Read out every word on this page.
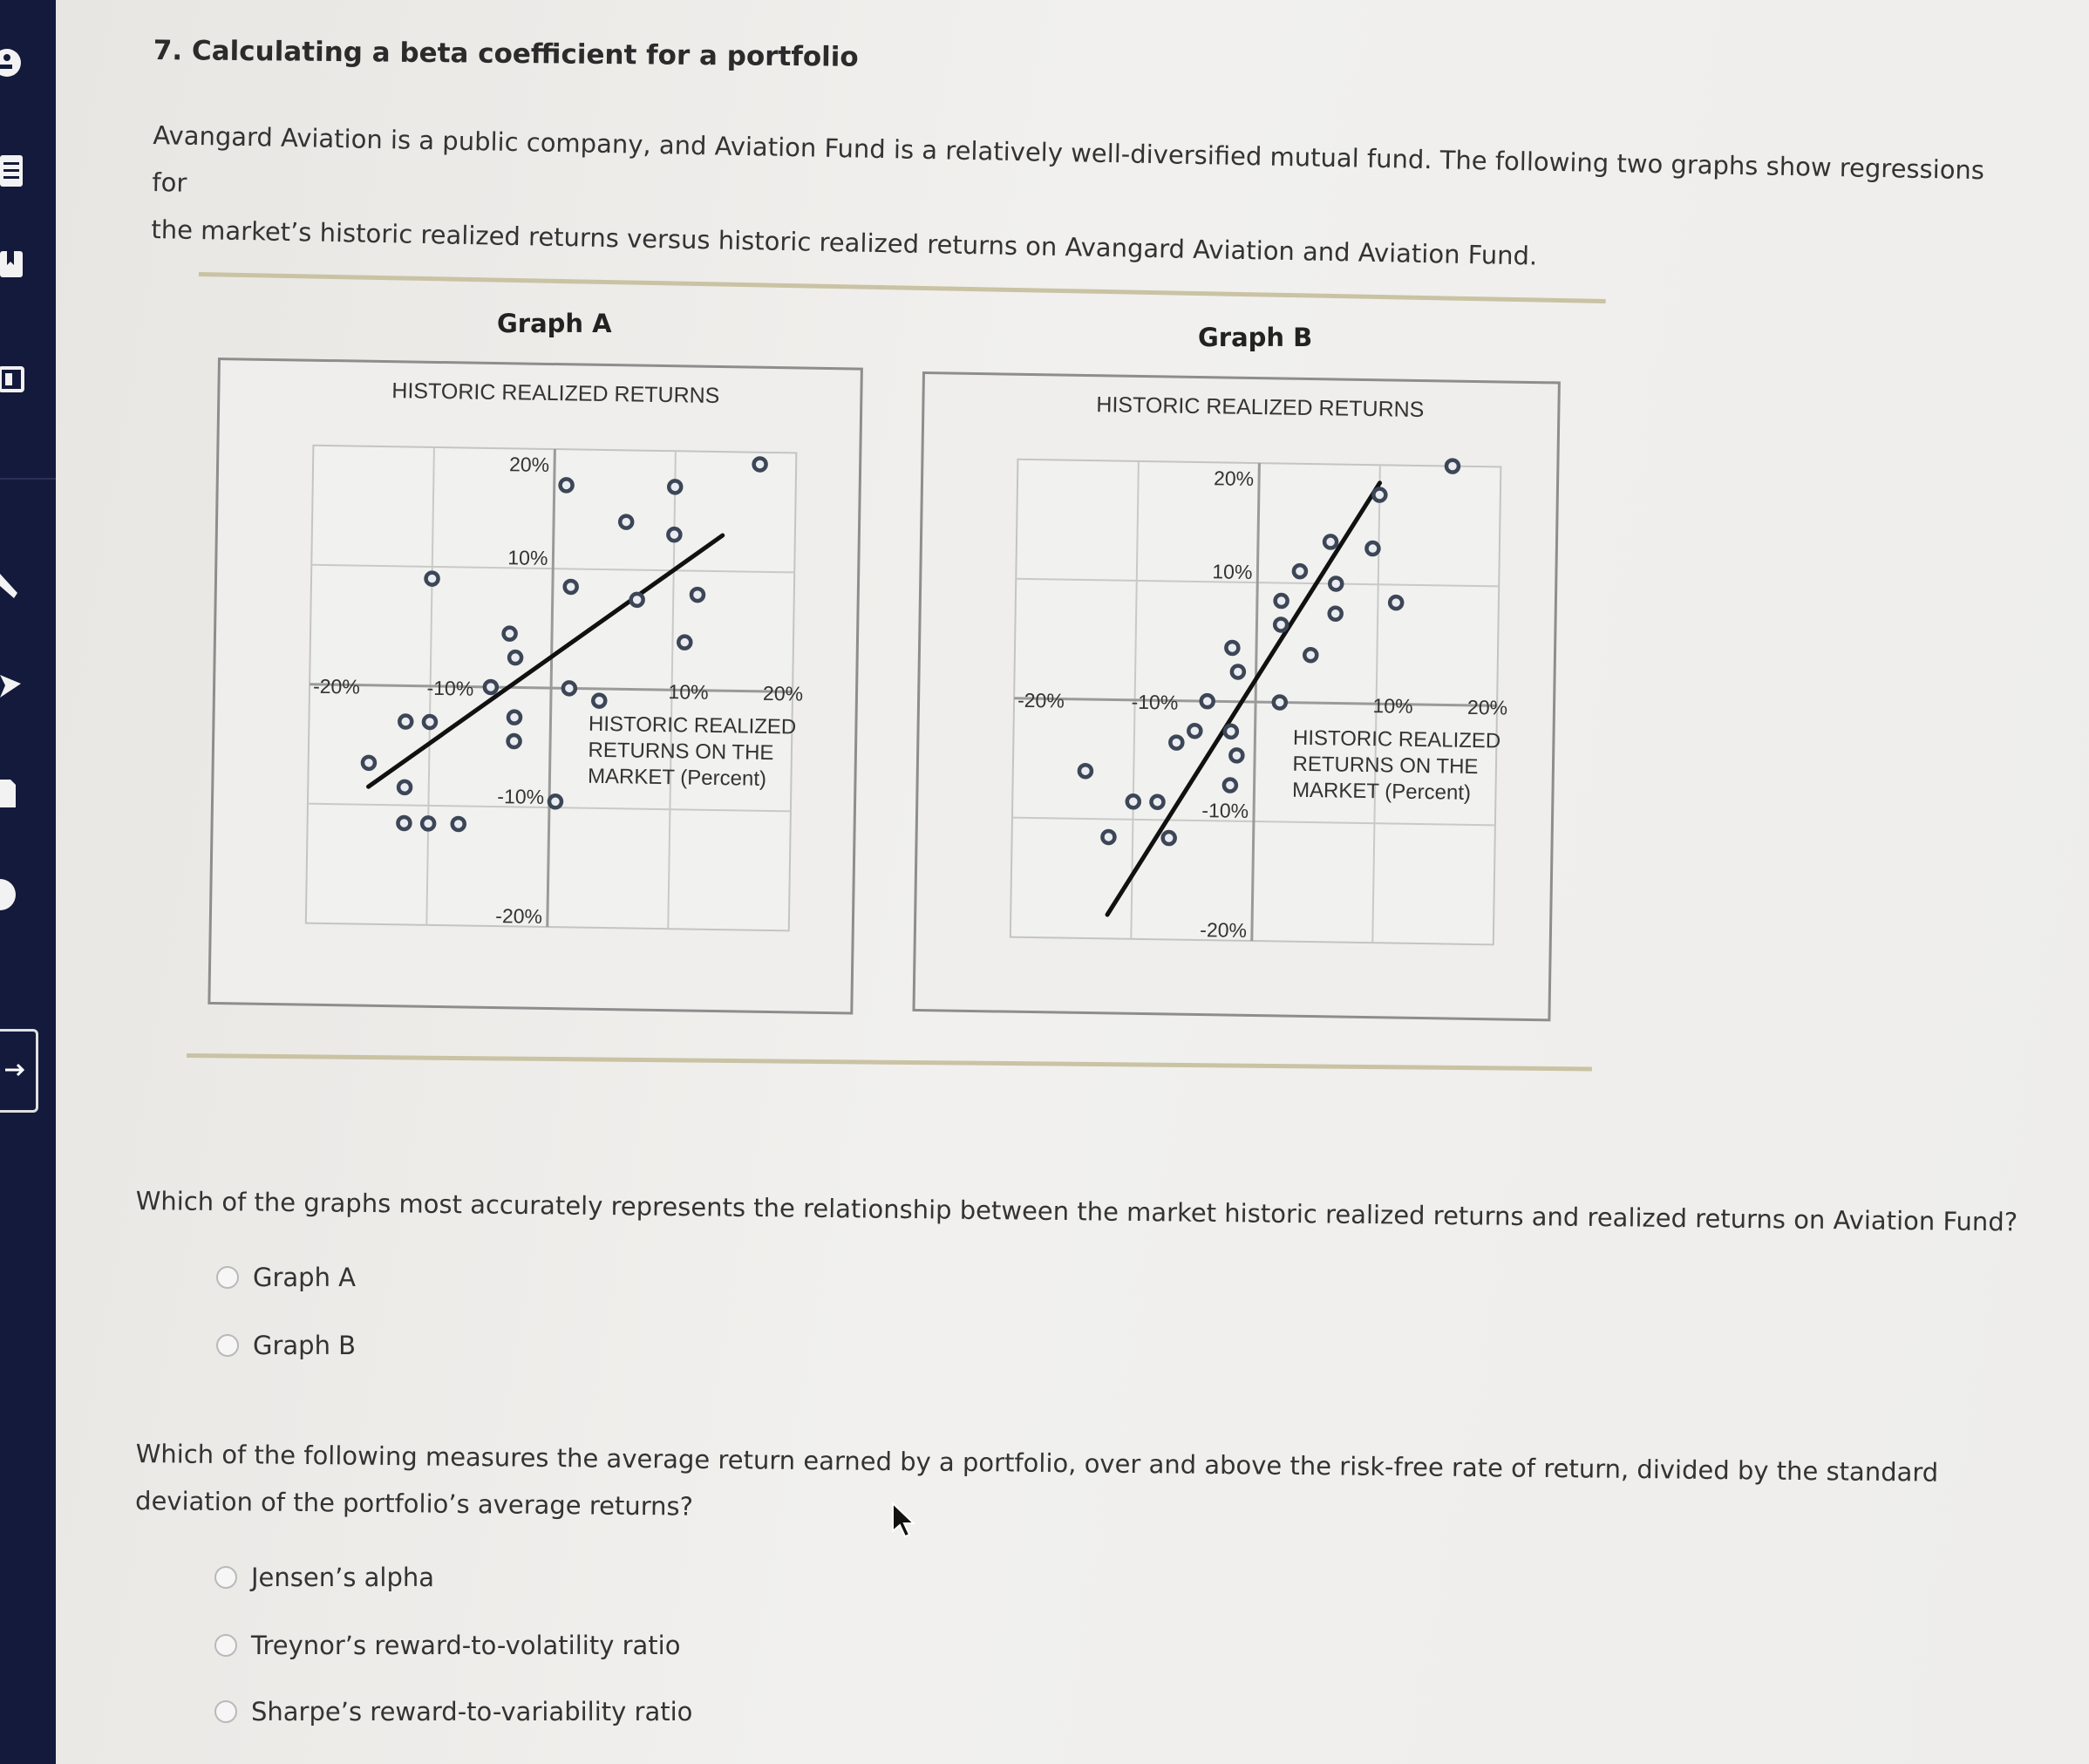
7. Calculating a beta coefficient for a portfolio
Avangard Aviation is a public company, and Aviation Fund is a relatively well-diversified mutual fund. The following two graphs show regressions for
the market’s historic realized returns versus historic realized returns on Avangard Aviation and Aviation Fund.
Graph A	Graph B
HISTORIC REALIZED RETURNS
-20%	-10%	10%	20%
20%
10%
-10%
-20%
HISTORIC REALIZED
RETURNS ON THE
MARKET (Percent)
HISTORIC REALIZED RETURNS
-20%	-10%	10%	20%
20%
10%
-10%
-20%
HISTORIC REALIZED
RETURNS ON THE
MARKET (Percent)
Which of the graphs most accurately represents the relationship between the market historic realized returns and realized returns on Aviation Fund?
Graph A
Graph B
Which of the following measures the average return earned by a portfolio, over and above the risk-free rate of return, divided by the standard
deviation of the portfolio’s average returns?
Jensen’s alpha
Treynor’s reward-to-volatility ratio
Sharpe’s reward-to-variability ratio
